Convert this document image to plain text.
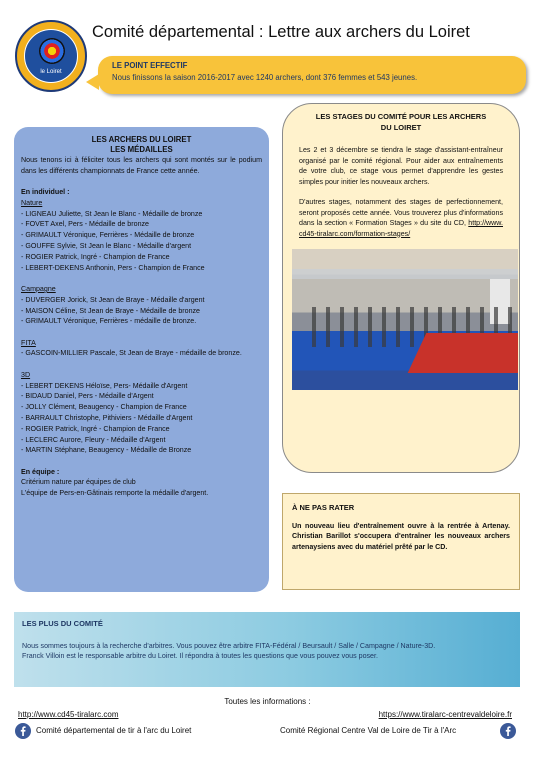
le Loiret
Comité départemental : Lettre aux archers du Loiret
LE POINT EFFECTIF
Nous finissons la saison 2016-2017 avec 1240 archers, dont 376 femmes et 543 jeunes.
LES ARCHERS DU LOIRET
LES MÉDAILLES
Nous tenons ici à féliciter tous les archers qui sont montés sur le podium dans les différents championnats de France cette année.
En individuel :
Nature
- LIGNEAU Juliette, St Jean le Blanc - Médaille de bronze
- FOVET Axel, Pers - Médaille de bronze
- GRIMAULT Véronique, Ferrières - Médaille de bronze
- GOUFFE Sylvie, St Jean le Blanc - Médaille d'argent
- ROGIER Patrick, Ingré - Champion de France
- LEBERT-DEKENS Anthonin, Pers - Champion de France
Campagne
- DUVERGER Jorick, St Jean de Braye - Médaille d'argent
- MAISON Céline, St Jean de Braye - Médaille de bronze
- GRIMAULT Véronique, Ferrières - médaille de bronze.
FITA
- GASCOIN-MILLIER Pascale, St Jean de Braye - médaille de bronze.
3D
- LEBERT DEKENS Héloïse, Pers- Médaille d'Argent
- BIDAUD Daniel, Pers - Médaille d'Argent
- JOLLY Clément, Beaugency - Champion de France
- BARRAULT Christophe, Pithiviers - Médaille d'Argent
- ROGIER Patrick, Ingré - Champion de France
- LECLERC Aurore, Fleury - Médaille d'Argent
- MARTIN Stéphane, Beaugency - Médaille de Bronze
En équipe :
Critérium nature par équipes de club
L'équipe de Pers-en-Gâtinais remporte la médaille d'argent.
LES STAGES DU COMITÉ POUR LES ARCHERS
DU LOIRET
Les 2 et 3 décembre se tiendra le stage d'assistant-entraîneur organisé par le comité régional. Pour aider aux entraînements de votre club, ce stage vous permet d'apprendre les gestes simples pour initier les nouveaux archers.
D'autres stages, notamment des stages de perfectionnement, seront proposés cette année. Vous trouverez plus d'informations dans la section « Formation Stages » du site du CD, http://www.cd45-tiralarc.com/formation-stages/
À NE PAS RATER
Un nouveau lieu d'entraînement ouvre à la rentrée à Artenay. Christian Barillot s'occupera d'entraîner les nouveaux archers artenaysiens avec du matériel prêté par le CD.
LES PLUS DU COMITÉ
Nous sommes toujours à la recherche d'arbitres. Vous pouvez être arbitre FITA-Fédéral / Beursault / Salle / Campagne / Nature-3D.
Franck Villoin est le responsable arbitre du Loiret. Il répondra à toutes les questions que vous pouvez vous poser.
Toutes les informations :
http://www.cd45-tiralarc.com	https://www.tiralarc-centrevaldeloire.fr
Comité départemental de tir à l'arc du Loiret	Comité Régional Centre Val de Loire de Tir à l'Arc
